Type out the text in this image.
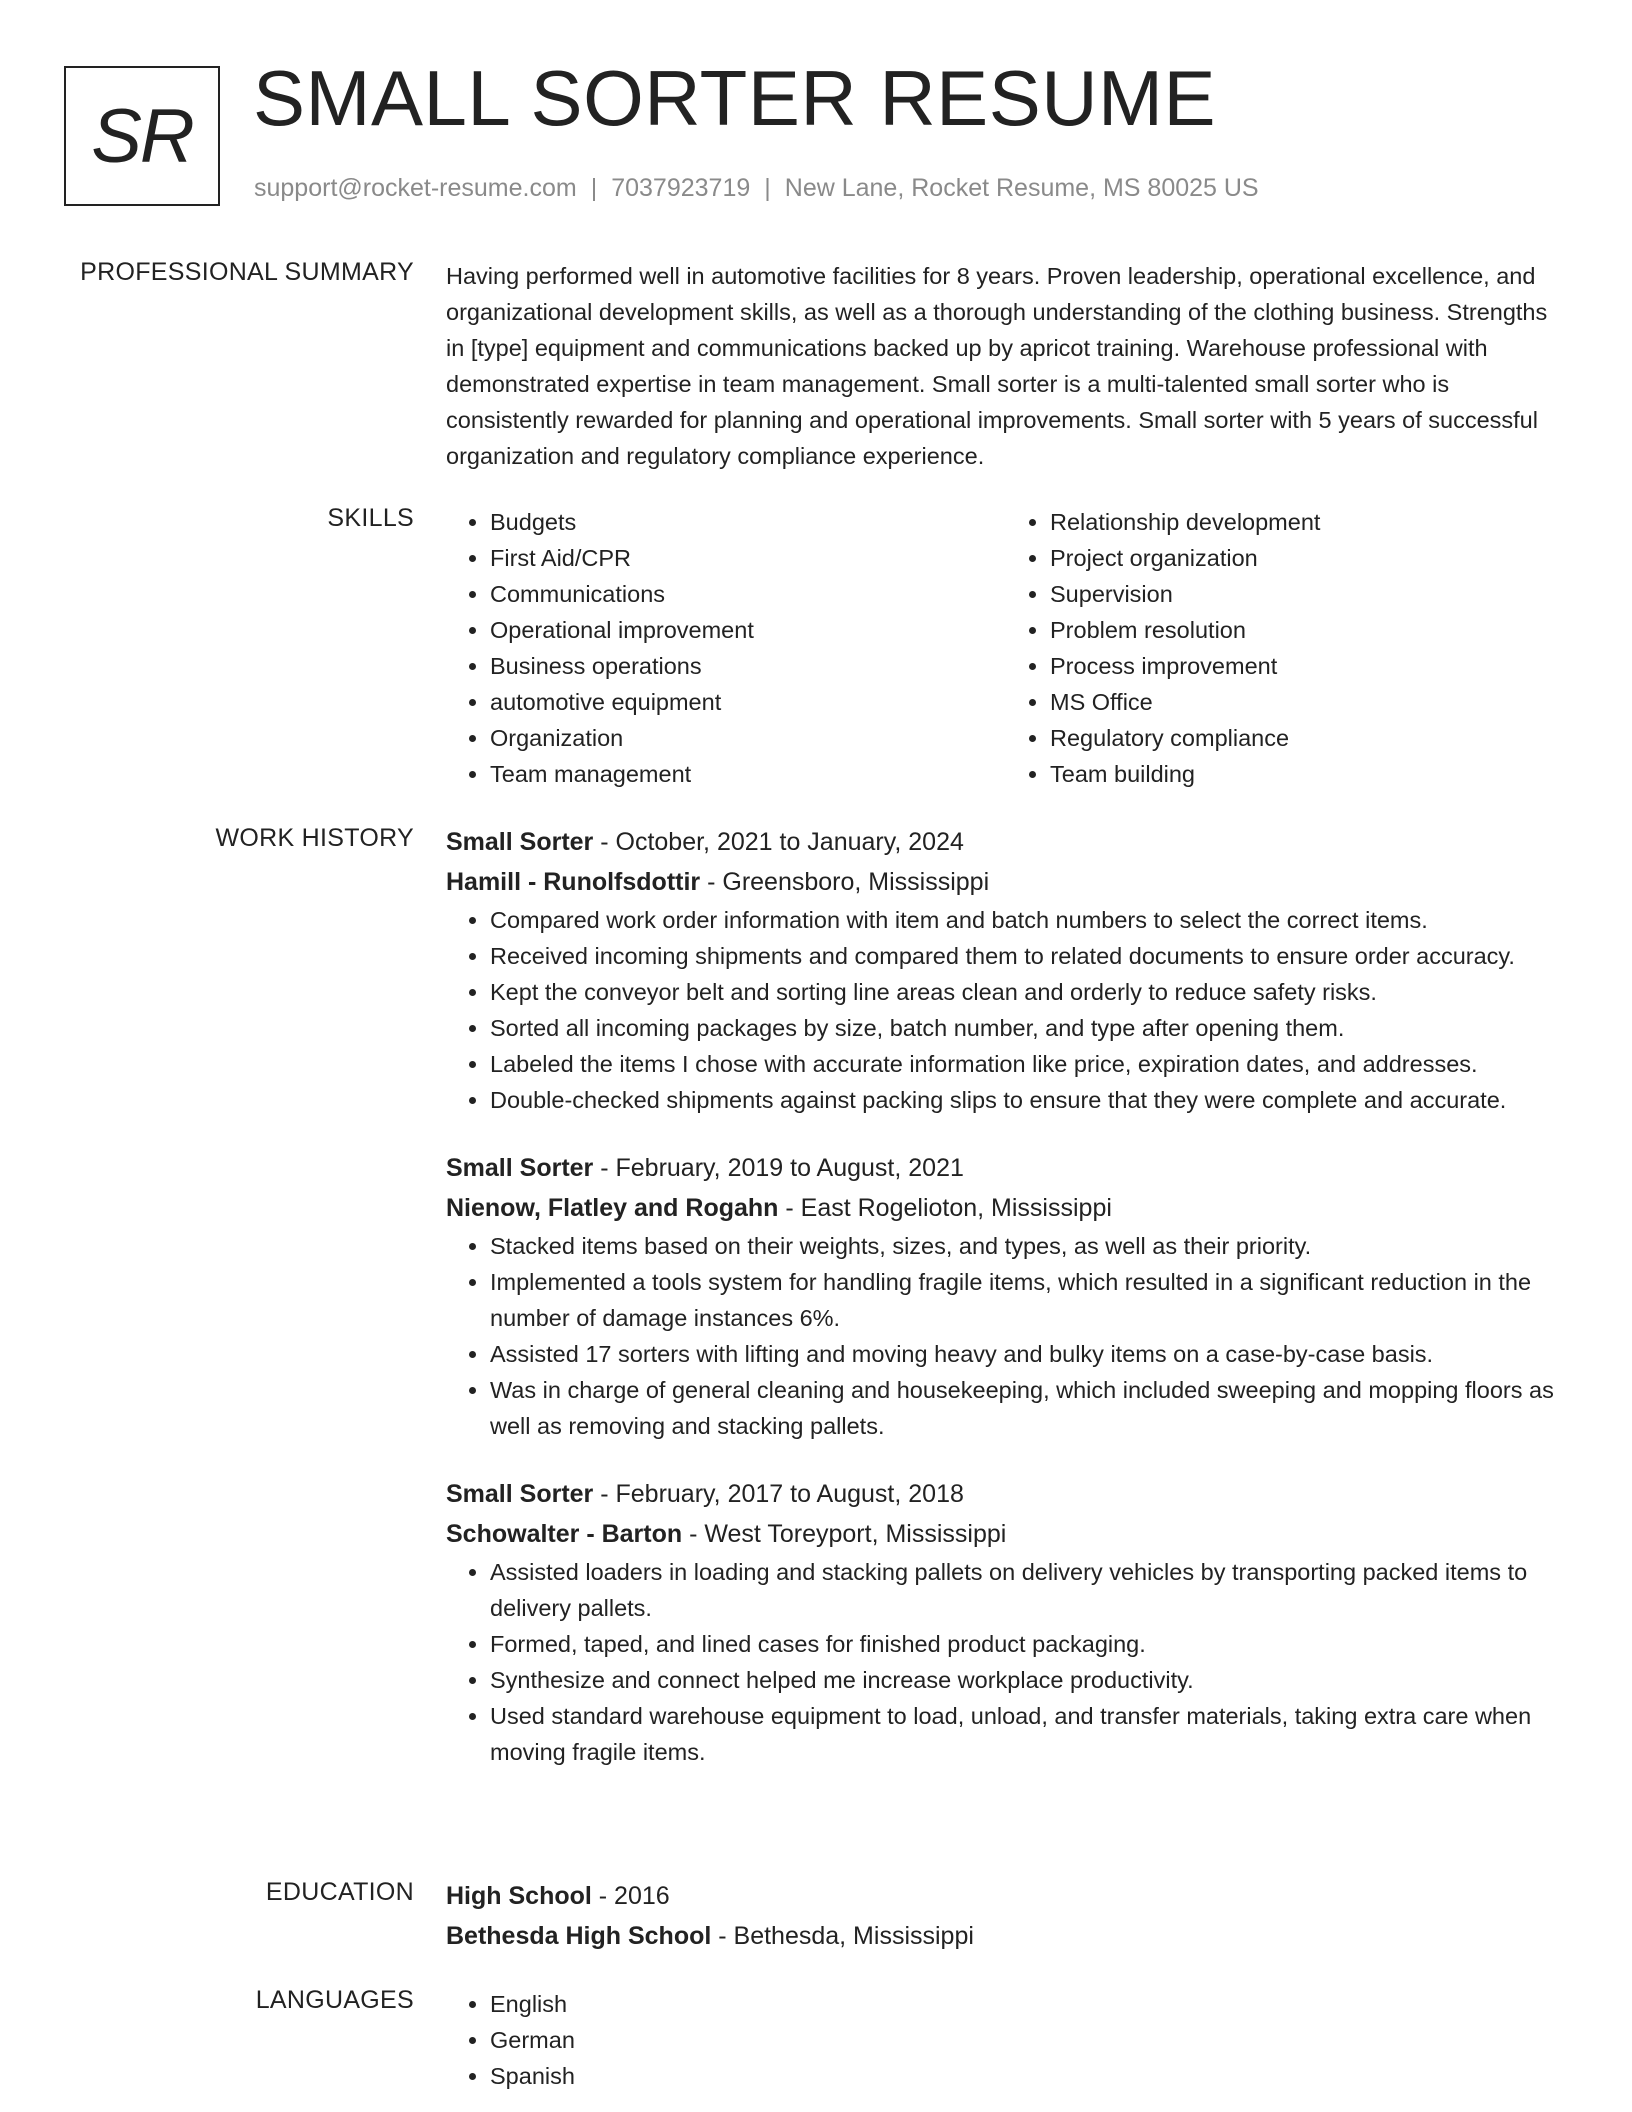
SR SMALL SORTER RESUME
support@rocket-resume.com | 7037923719 | New Lane, Rocket Resume, MS 80025 US
PROFESSIONAL SUMMARY Having performed well in automotive facilities for 8 years. Proven leadership, operational excellence, and organizational development skills, as well as a thorough understanding of the clothing business. Strengths in [type] equipment and communications backed up by apricot training. Warehouse professional with demonstrated expertise in team management. Small sorter is a multi-talented small sorter who is consistently rewarded for planning and operational improvements. Small sorter with 5 years of successful organization and regulatory compliance experience.

SKILLS	• Budgets
• First Aid/CPR
• Communications
• Operational improvement
• Business operations
• automotive equipment
• Organization
• Team management
• Relationship development
• Project organization
• Supervision
• Problem resolution
• Process improvement
• MS Office
• Regulatory compliance
• Team building
WORK HISTORY Small Sorter - October, 2021 to January, 2024
Hamill - Runolfsdottir - Greensboro, Mississippi
• Compared work order information with item and batch numbers to select the correct items.
• Received incoming shipments and compared them to related documents to ensure order accuracy.
• Kept the conveyor belt and sorting line areas clean and orderly to reduce safety risks.
• Sorted all incoming packages by size, batch number, and type after opening them.
• Labeled the items I chose with accurate information like price, expiration dates, and addresses.
• Double-checked shipments against packing slips to ensure that they were complete and accurate.
Small Sorter - February, 2019 to August, 2021
Nienow, Flatley and Rogahn - East Rogelioton, Mississippi
• Stacked items based on their weights, sizes, and types, as well as their priority.
• Implemented a tools system for handling fragile items, which resulted in a significant reduction in the number of damage instances 6%.
• Assisted 17 sorters with lifting and moving heavy and bulky items on a case-by-case basis.
• Was in charge of general cleaning and housekeeping, which included sweeping and mopping floors as well as removing and stacking pallets.
Small Sorter - February, 2017 to August, 2018
Schowalter - Barton - West Toreyport, Mississippi
• Assisted loaders in loading and stacking pallets on delivery vehicles by transporting packed items to delivery pallets.
• Formed, taped, and lined cases for finished product packaging.
• Synthesize and connect helped me increase workplace productivity.
• Used standard warehouse equipment to load, unload, and transfer materials, taking extra care when moving fragile items.
EDUCATION High School - 2016
Bethesda High School - Bethesda, Mississippi
LANGUAGES	• English
• German
• Spanish
